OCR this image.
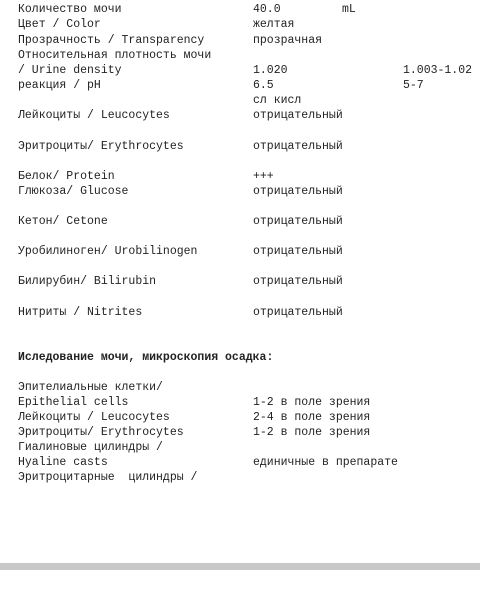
Количество мочи	40.0	mL
Цвет / Color	желтая
Прозрачность / Transparency	прозрачная
Относительная плотность мочи
/ Urine density	1.020	1.003-1.02
реакция / pH	6.5	5-7
сл кисл
Лейкоциты / Leucocytes	отрицательный
Эритроциты/ Erythrocytes	отрицательный
Белок/ Protein	+++
Глюкоза/ Glucose	отрицательный
Кетон/ Cetone	отрицательный
Уробилиноген/ Urobilinogen	отрицательный
Билирубин/ Bilirubin	отрицательный
Нитриты / Nitrites	отрицательный
Иследование мочи, микроскопия осадка:
Эпителиальные клетки/
Epithelial cells	1-2 в поле зрения
Лейкоциты / Leucocytes	2-4 в поле зрения
Эритроциты/ Erythrocytes	1-2 в поле зрения
Гиалиновые цилиндры /
Hyaline casts	единичные в препарате
Эритроцитарные  цилиндры /
